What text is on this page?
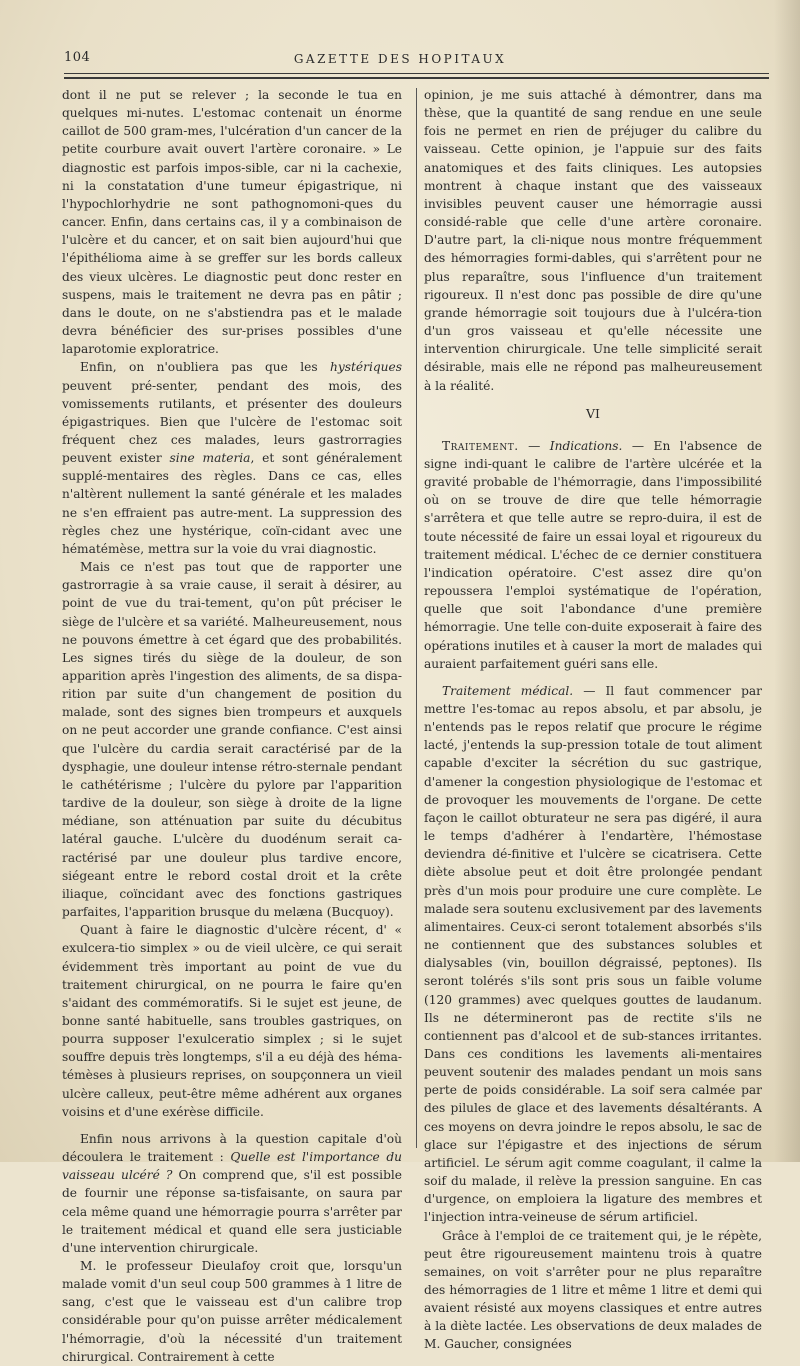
104	GAZETTE DES HOPITAUX

dont il ne put se relever ; la seconde le tua en quelques mi-nutes. L'estomac contenait un énorme caillot de 500 gram-mes, l'ulcération d'un cancer de la petite courbure avait ouvert l'artère coronaire. » Le diagnostic est parfois impos-sible, car ni la cachexie, ni la constatation d'une tumeur épigastrique, ni l'hypochlorhydrie ne sont pathognomoni-ques du cancer. Enfin, dans certains cas, il y a combinaison de l'ulcère et du cancer, et on sait bien aujourd'hui que l'épithélioma aime à se greffer sur les bords calleux des vieux ulcères. Le diagnostic peut donc rester en suspens, mais le traitement ne devra pas en pâtir ; dans le doute, on ne s'abstiendra pas et le malade devra bénéficier des sur-prises possibles d'une laparotomie exploratrice.

Enfin, on n'oubliera pas que les hystériques peuvent pré-senter, pendant des mois, des vomissements rutilants, et présenter des douleurs épigastriques. Bien que l'ulcère de l'estomac soit fréquent chez ces malades, leurs gastrorragies peuvent exister sine materia, et sont généralement supplé-mentaires des règles. Dans ce cas, elles n'altèrent nullement la santé générale et les malades ne s'en effraient pas autre-ment. La suppression des règles chez une hystérique, coïn-cidant avec une hématémèse, mettra sur la voie du vrai diagnostic.

Mais ce n'est pas tout que de rapporter une gastrorragie à sa vraie cause, il serait à désirer, au point de vue du trai-tement, qu'on pût préciser le siège de l'ulcère et sa variété. Malheureusement, nous ne pouvons émettre à cet égard que des probabilités. Les signes tirés du siège de la douleur, de son apparition après l'ingestion des aliments, de sa dispa-rition par suite d'un changement de position du malade, sont des signes bien trompeurs et auxquels on ne peut accorder une grande confiance. C'est ainsi que l'ulcère du cardia serait caractérisé par de la dysphagie, une douleur intense rétro-sternale pendant le cathétérisme ; l'ulcère du pylore par l'apparition tardive de la douleur, son siège à droite de la ligne médiane, son atténuation par suite du décubitus latéral gauche. L'ulcère du duodénum serait ca-ractérisé par une douleur plus tardive encore, siégeant entre le rebord costal droit et la crête iliaque, coïncidant avec des fonctions gastriques parfaites, l'apparition brusque du melæna (Bucquoy).

Quant à faire le diagnostic d'ulcère récent, d' « exulcera-tio simplex » ou de vieil ulcère, ce qui serait évidemment très important au point de vue du traitement chirurgical, on ne pourra le faire qu'en s'aidant des commémoratifs. Si le sujet est jeune, de bonne santé habituelle, sans troubles gastriques, on pourra supposer l'exulceratio simplex ; si le sujet souffre depuis très longtemps, s'il a eu déjà des héma-témèses à plusieurs reprises, on soupçonnera un vieil ulcère calleux, peut-être même adhérent aux organes voisins et d'une exérèse difficile.

Enfin nous arrivons à la question capitale d'où découlera le traitement : Quelle est l'importance du vaisseau ulcéré ? On comprend que, s'il est possible de fournir une réponse sa-tisfaisante, on saura par cela même quand une hémorragie pourra s'arrêter par le traitement médical et quand elle sera justiciable d'une intervention chirurgicale.

M. le professeur Dieulafoy croit que, lorsqu'un malade vomit d'un seul coup 500 grammes à 1 litre de sang, c'est que le vaisseau est d'un calibre trop considérable pour qu'on puisse arrêter médicalement l'hémorragie, d'où la nécessité d'un traitement chirurgical. Contrairement à cette

opinion, je me suis attaché à démontrer, dans ma thèse, que la quantité de sang rendue en une seule fois ne permet en rien de préjuger du calibre du vaisseau. Cette opinion, je l'appuie sur des faits anatomiques et des faits cliniques. Les autopsies montrent à chaque instant que des vaisseaux invisibles peuvent causer une hémorragie aussi considé-rable que celle d'une artère coronaire. D'autre part, la cli-nique nous montre fréquemment des hémorragies formi-dables, qui s'arrêtent pour ne plus reparaître, sous l'influence d'un traitement rigoureux. Il n'est donc pas possible de dire qu'une grande hémorragie soit toujours due à l'ulcéra-tion d'un gros vaisseau et qu'elle nécessite une intervention chirurgicale. Une telle simplicité serait désirable, mais elle ne répond pas malheureusement à la réalité.

VI

Traitement. — Indications. — En l'absence de signe indi-quant le calibre de l'artère ulcérée et la gravité probable de l'hémorragie, dans l'impossibilité où on se trouve de dire que telle hémorragie s'arrêtera et que telle autre se repro-duira, il est de toute nécessité de faire un essai loyal et rigoureux du traitement médical. L'échec de ce dernier constituera l'indication opératoire. C'est assez dire qu'on repoussera l'emploi systématique de l'opération, quelle que soit l'abondance d'une première hémorragie. Une telle con-duite exposerait à faire des opérations inutiles et à causer la mort de malades qui auraient parfaitement guéri sans elle.

Traitement médical. — Il faut commencer par mettre l'es-tomac au repos absolu, et par absolu, je n'entends pas le repos relatif que procure le régime lacté, j'entends la sup-pression totale de tout aliment capable d'exciter la sécrétion du suc gastrique, d'amener la congestion physiologique de l'estomac et de provoquer les mouvements de l'organe. De cette façon le caillot obturateur ne sera pas digéré, il aura le temps d'adhérer à l'endartère, l'hémostase deviendra dé-finitive et l'ulcère se cicatrisera. Cette diète absolue peut et doit être prolongée pendant près d'un mois pour produire une cure complète. Le malade sera soutenu exclusivement par des lavements alimentaires. Ceux-ci seront totalement absorbés s'ils ne contiennent que des substances solubles et dialysables (vin, bouillon dégraissé, peptones). Ils seront tolérés s'ils sont pris sous un faible volume (120 grammes) avec quelques gouttes de laudanum. Ils ne détermineront pas de rectite s'ils ne contiennent pas d'alcool et de sub-stances irritantes. Dans ces conditions les lavements ali-mentaires peuvent soutenir des malades pendant un mois sans perte de poids considérable. La soif sera calmée par des pilules de glace et des lavements désaltérants. A ces moyens on devra joindre le repos absolu, le sac de glace sur l'épigastre et des injections de sérum artificiel. Le sérum agit comme coagulant, il calme la soif du malade, il relève la pression sanguine. En cas d'urgence, on emploiera la ligature des membres et l'injection intra-veineuse de sérum artificiel.

Grâce à l'emploi de ce traitement qui, je le répète, peut être rigoureusement maintenu trois à quatre semaines, on voit s'arrêter pour ne plus reparaître des hémorragies de 1 litre et même 1 litre et demi qui avaient résisté aux moyens classiques et entre autres à la diète lactée. Les observations de deux malades de M. Gaucher, consignées
